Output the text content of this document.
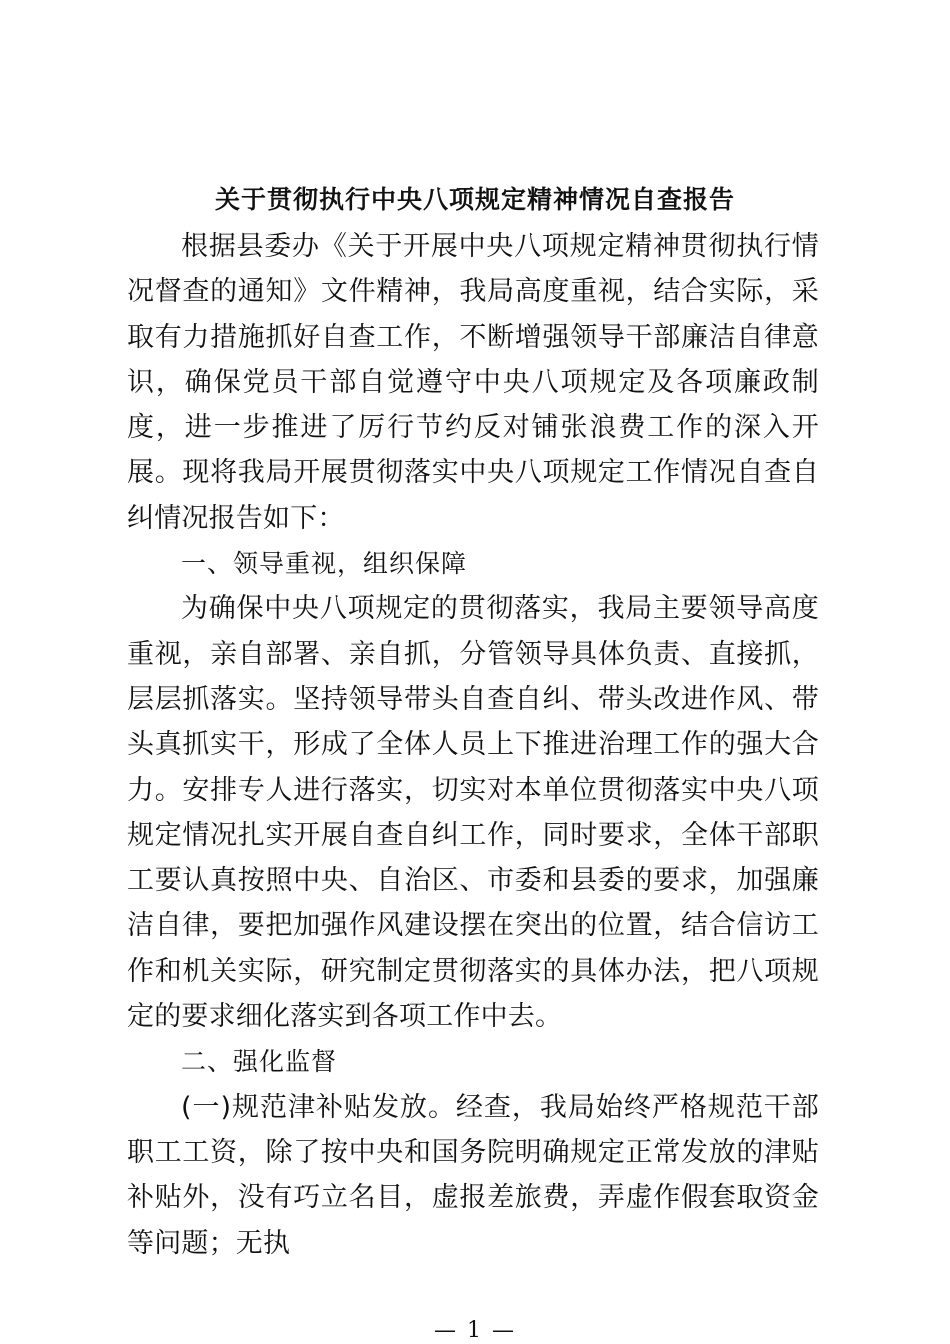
关于贯彻执行中央八项规定精神情况自查报告

根据县委办《关于开展中央八项规定精神贯彻执行情况督查的通知》文件精神，我局高度重视，结合实际，采取有力措施抓好自查工作，不断增强领导干部廉洁自律意识，确保党员干部自觉遵守中央八项规定及各项廉政制度，进一步推进了厉行节约反对铺张浪费工作的深入开展。现将我局开展贯彻落实中央八项规定工作情况自查自纠情况报告如下：

一、领导重视，组织保障

为确保中央八项规定的贯彻落实，我局主要领导高度重视，亲自部署、亲自抓，分管领导具体负责、直接抓，层层抓落实。坚持领导带头自查自纠、带头改进作风、带头真抓实干，形成了全体人员上下推进治理工作的强大合力。安排专人进行落实，切实对本单位贯彻落实中央八项规定情况扎实开展自查自纠工作，同时要求，全体干部职工要认真按照中央、自治区、市委和县委的要求，加强廉洁自律，要把加强作风建设摆在突出的位置，结合信访工作和机关实际，研究制定贯彻落实的具体办法，把八项规定的要求细化落实到各项工作中去。

二、强化监督

(一)规范津补贴发放。经查，我局始终严格规范干部职工工资，除了按中央和国务院明确规定正常发放的津贴补贴外，没有巧立名目，虚报差旅费，弄虚作假套取资金等问题；无执

— 1 —
